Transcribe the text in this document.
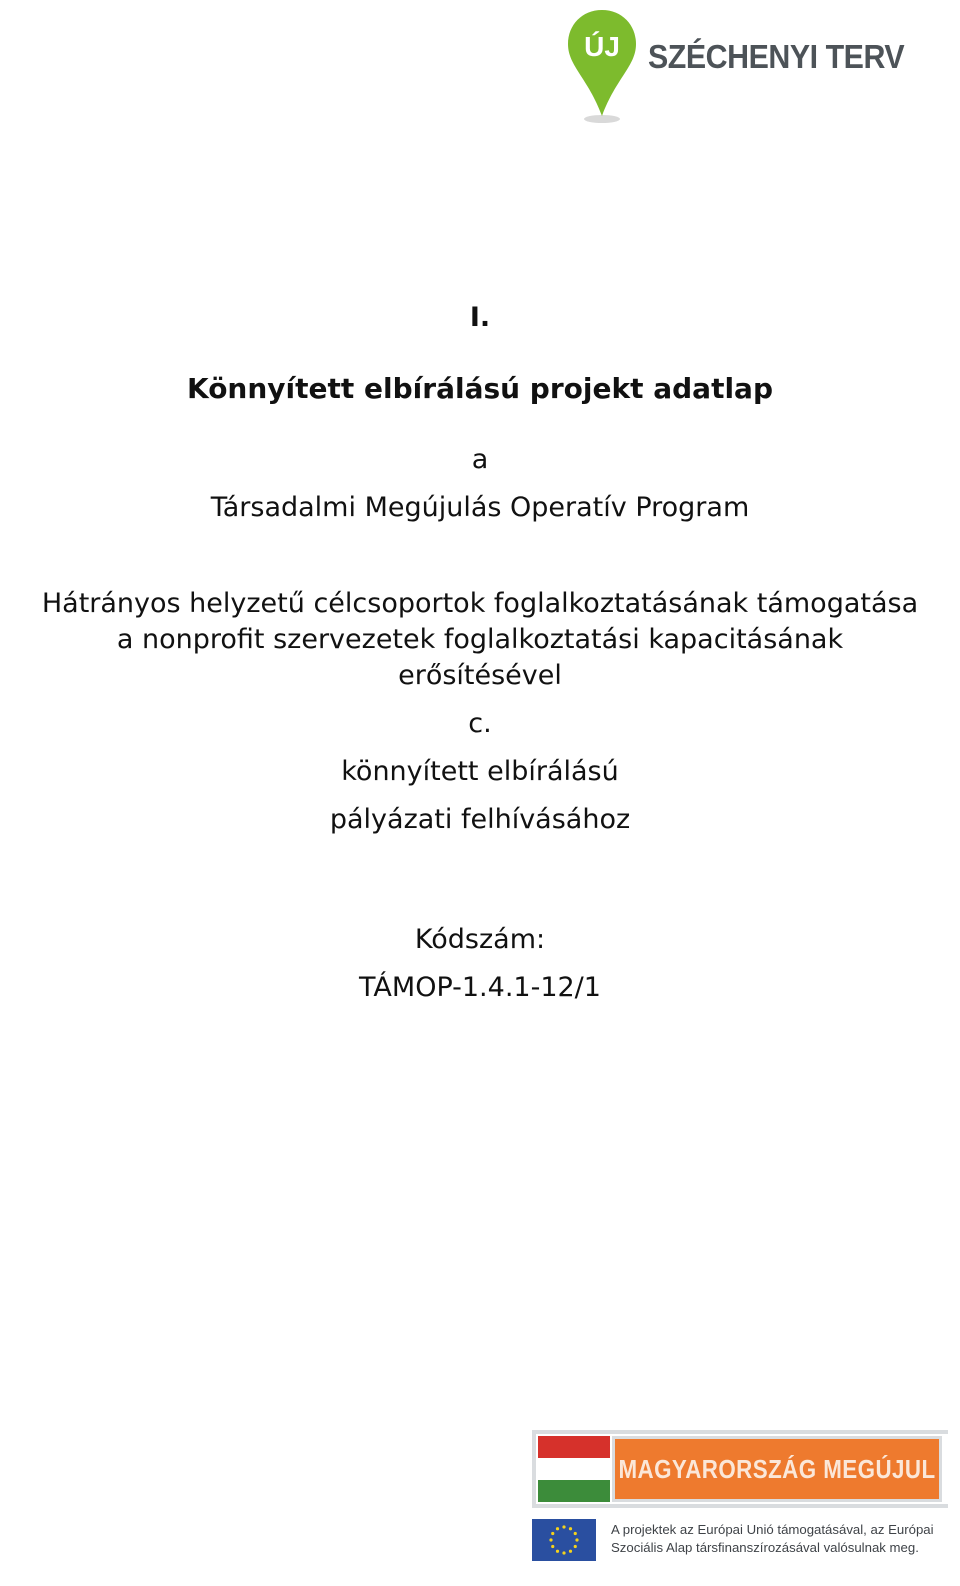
ÚJ SZÉCHENYI TERV
I.
Könnyített elbírálású projekt adatlap
a
Társadalmi Megújulás Operatív Program
Hátrányos helyzetű célcsoportok foglalkoztatásának támogatása
a nonprofit szervezetek foglalkoztatási kapacitásának
erősítésével
c.
könnyített elbírálású
pályázati felhívásához
Kódszám:
TÁMOP-1.4.1-12/1
MAGYARORSZÁG MEGÚJUL
A projektek az Európai Unió támogatásával, az Európai
Szociális Alap társfinanszírozásával valósulnak meg.
